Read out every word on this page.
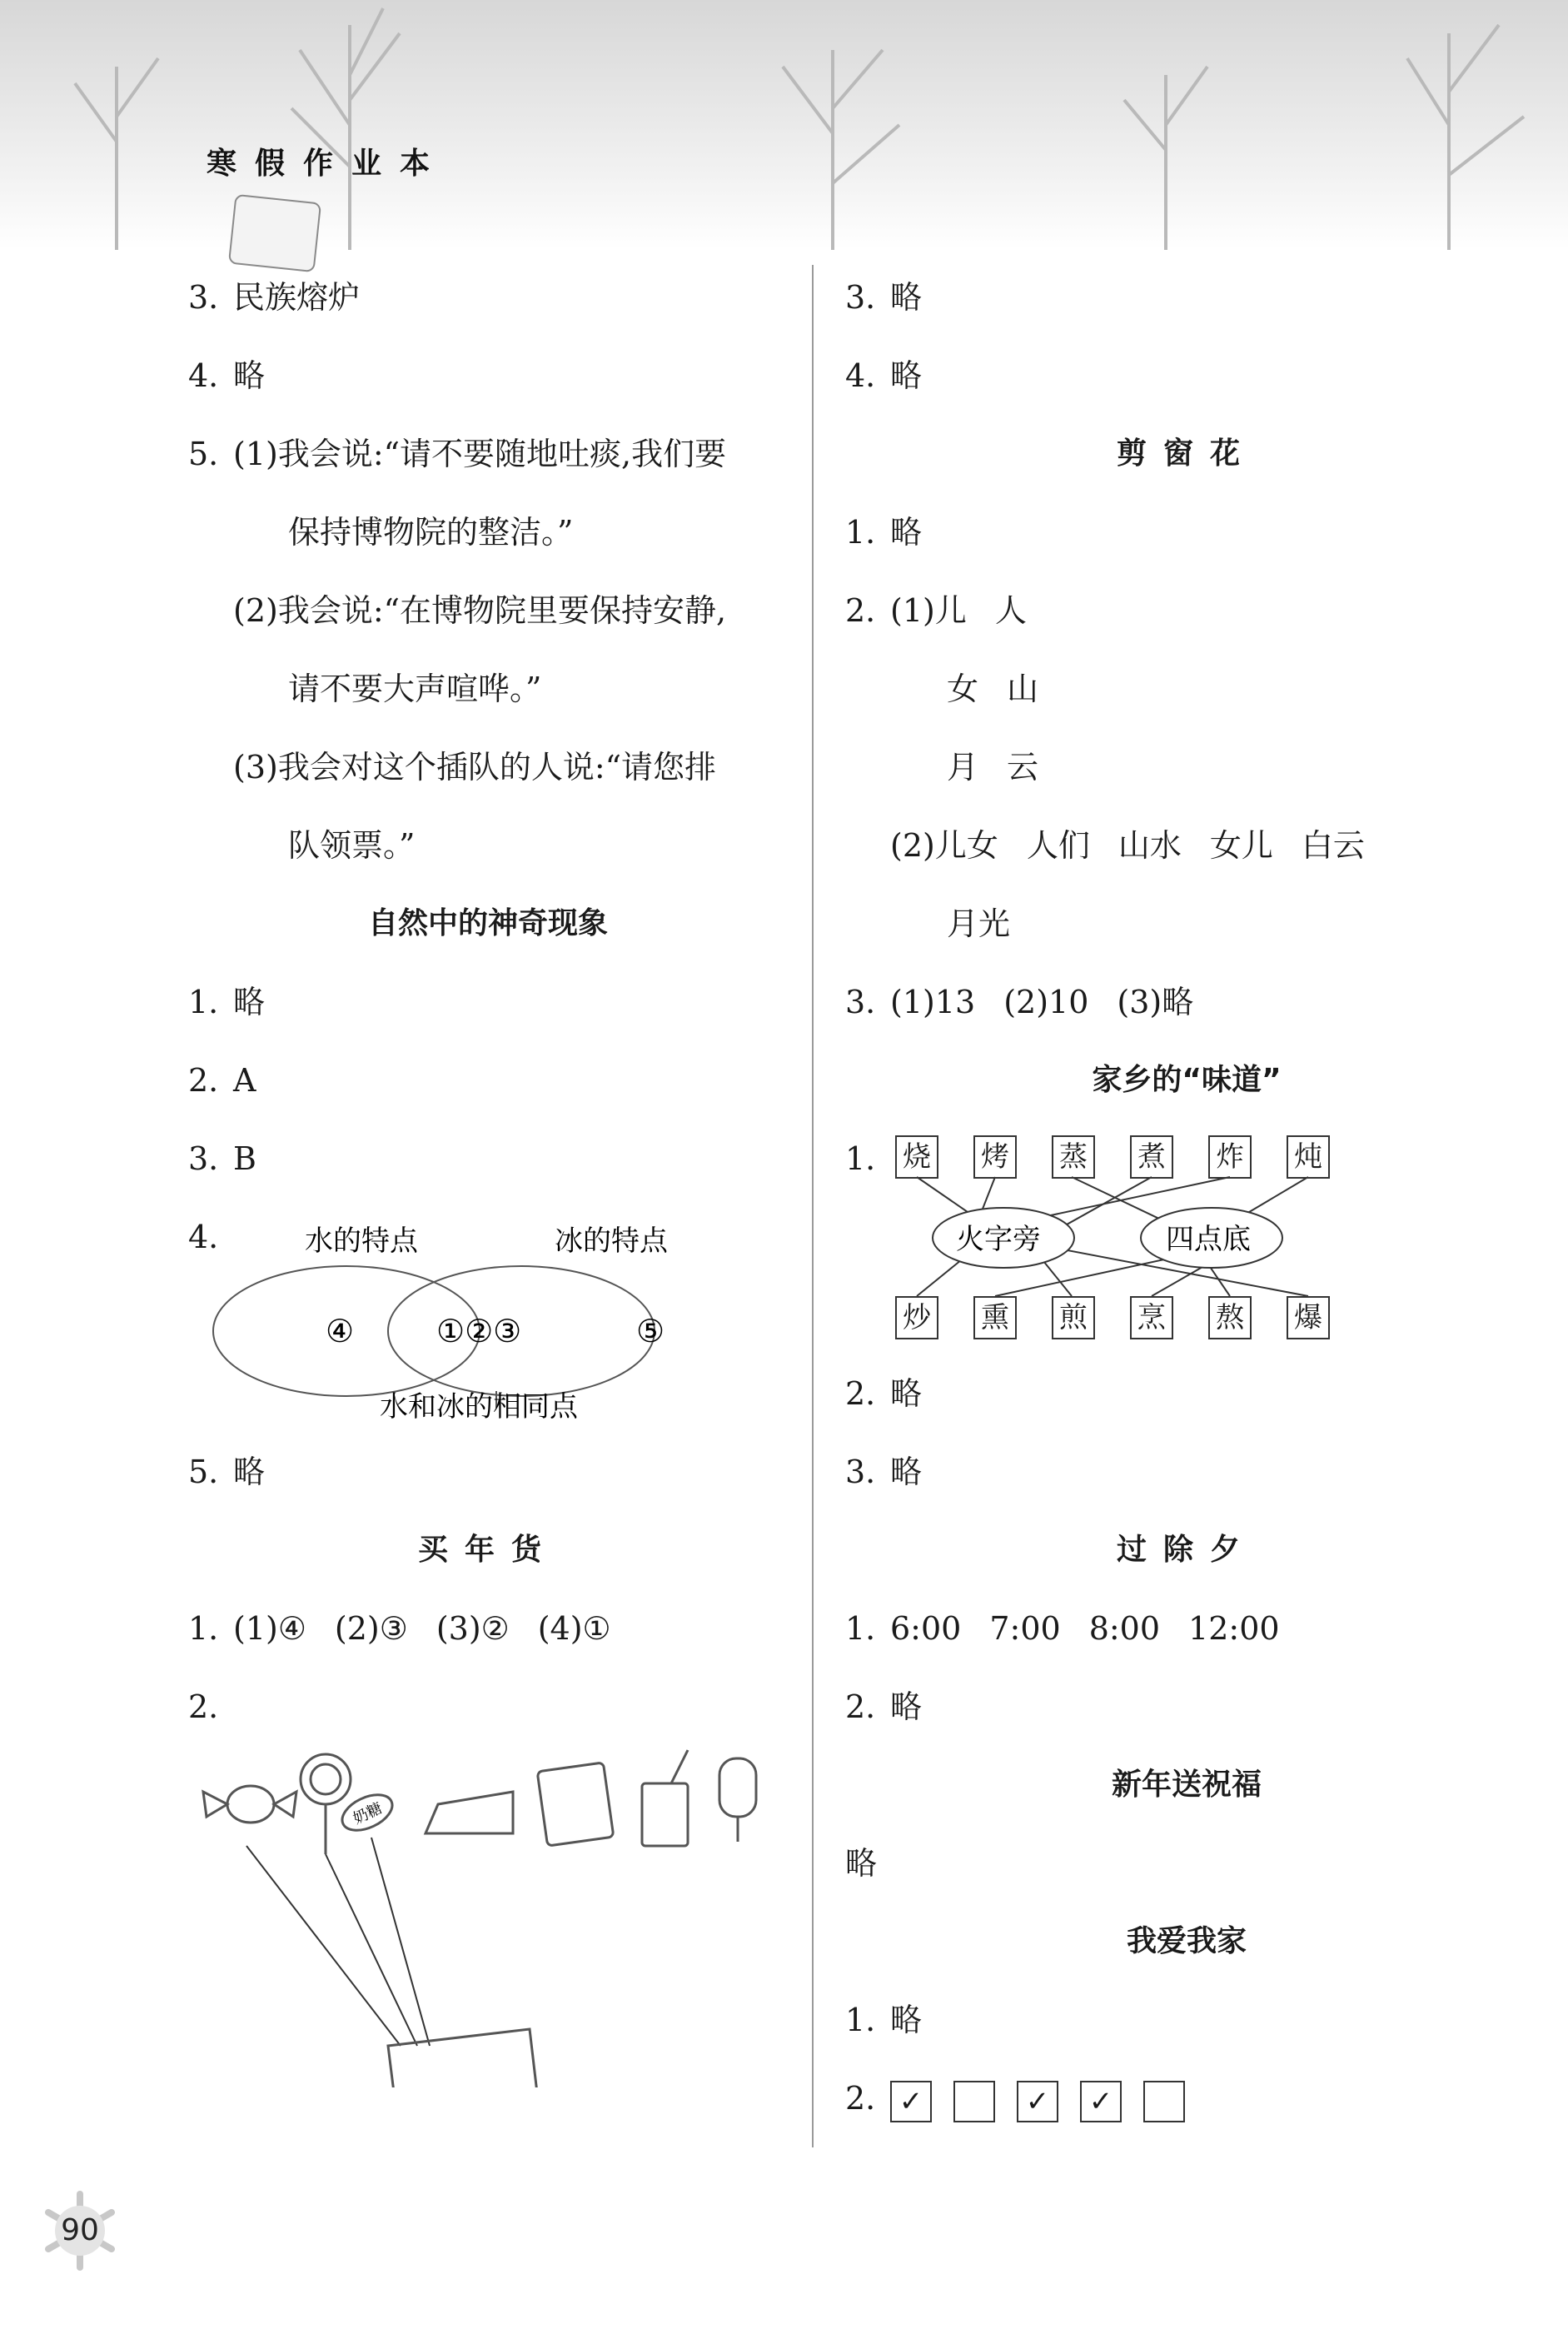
寒假作业本
3. 民族熔炉
4. 略
5. (1)我会说:“请不要随地吐痰,我们要
保持博物院的整洁。”
(2)我会说:“在博物院里要保持安静,
请不要大声喧哗。”
(3)我会对这个插队的人说:“请您排
队领票。”
自然中的神奇现象
1. 略
2. A
3. B
4.	水的特点	冰的特点
④	①②③	⑤
水和冰的相同点
5. 略
买年货
1. (1)④ (2)③ (3)② (4)①
2.
奶糖
3. 略
4. 略
剪窗花
1. 略
2. (1)儿 人
女 山
月 云
(2)儿女 人们 山水 女儿 白云
月光
3. (1)13 (2)10 (3)略
家乡的“味道”
1.
火字旁	四点底
烧 烤 蒸 煮 炸 炖
炒 熏 煎 烹 熬 爆
2. 略
3. 略
过除夕
1. 6:00 7:00 8:00 12:00
2. 略
新年送祝福
略
我爱我家
1. 略
2. ✓	✓ ✓
90
